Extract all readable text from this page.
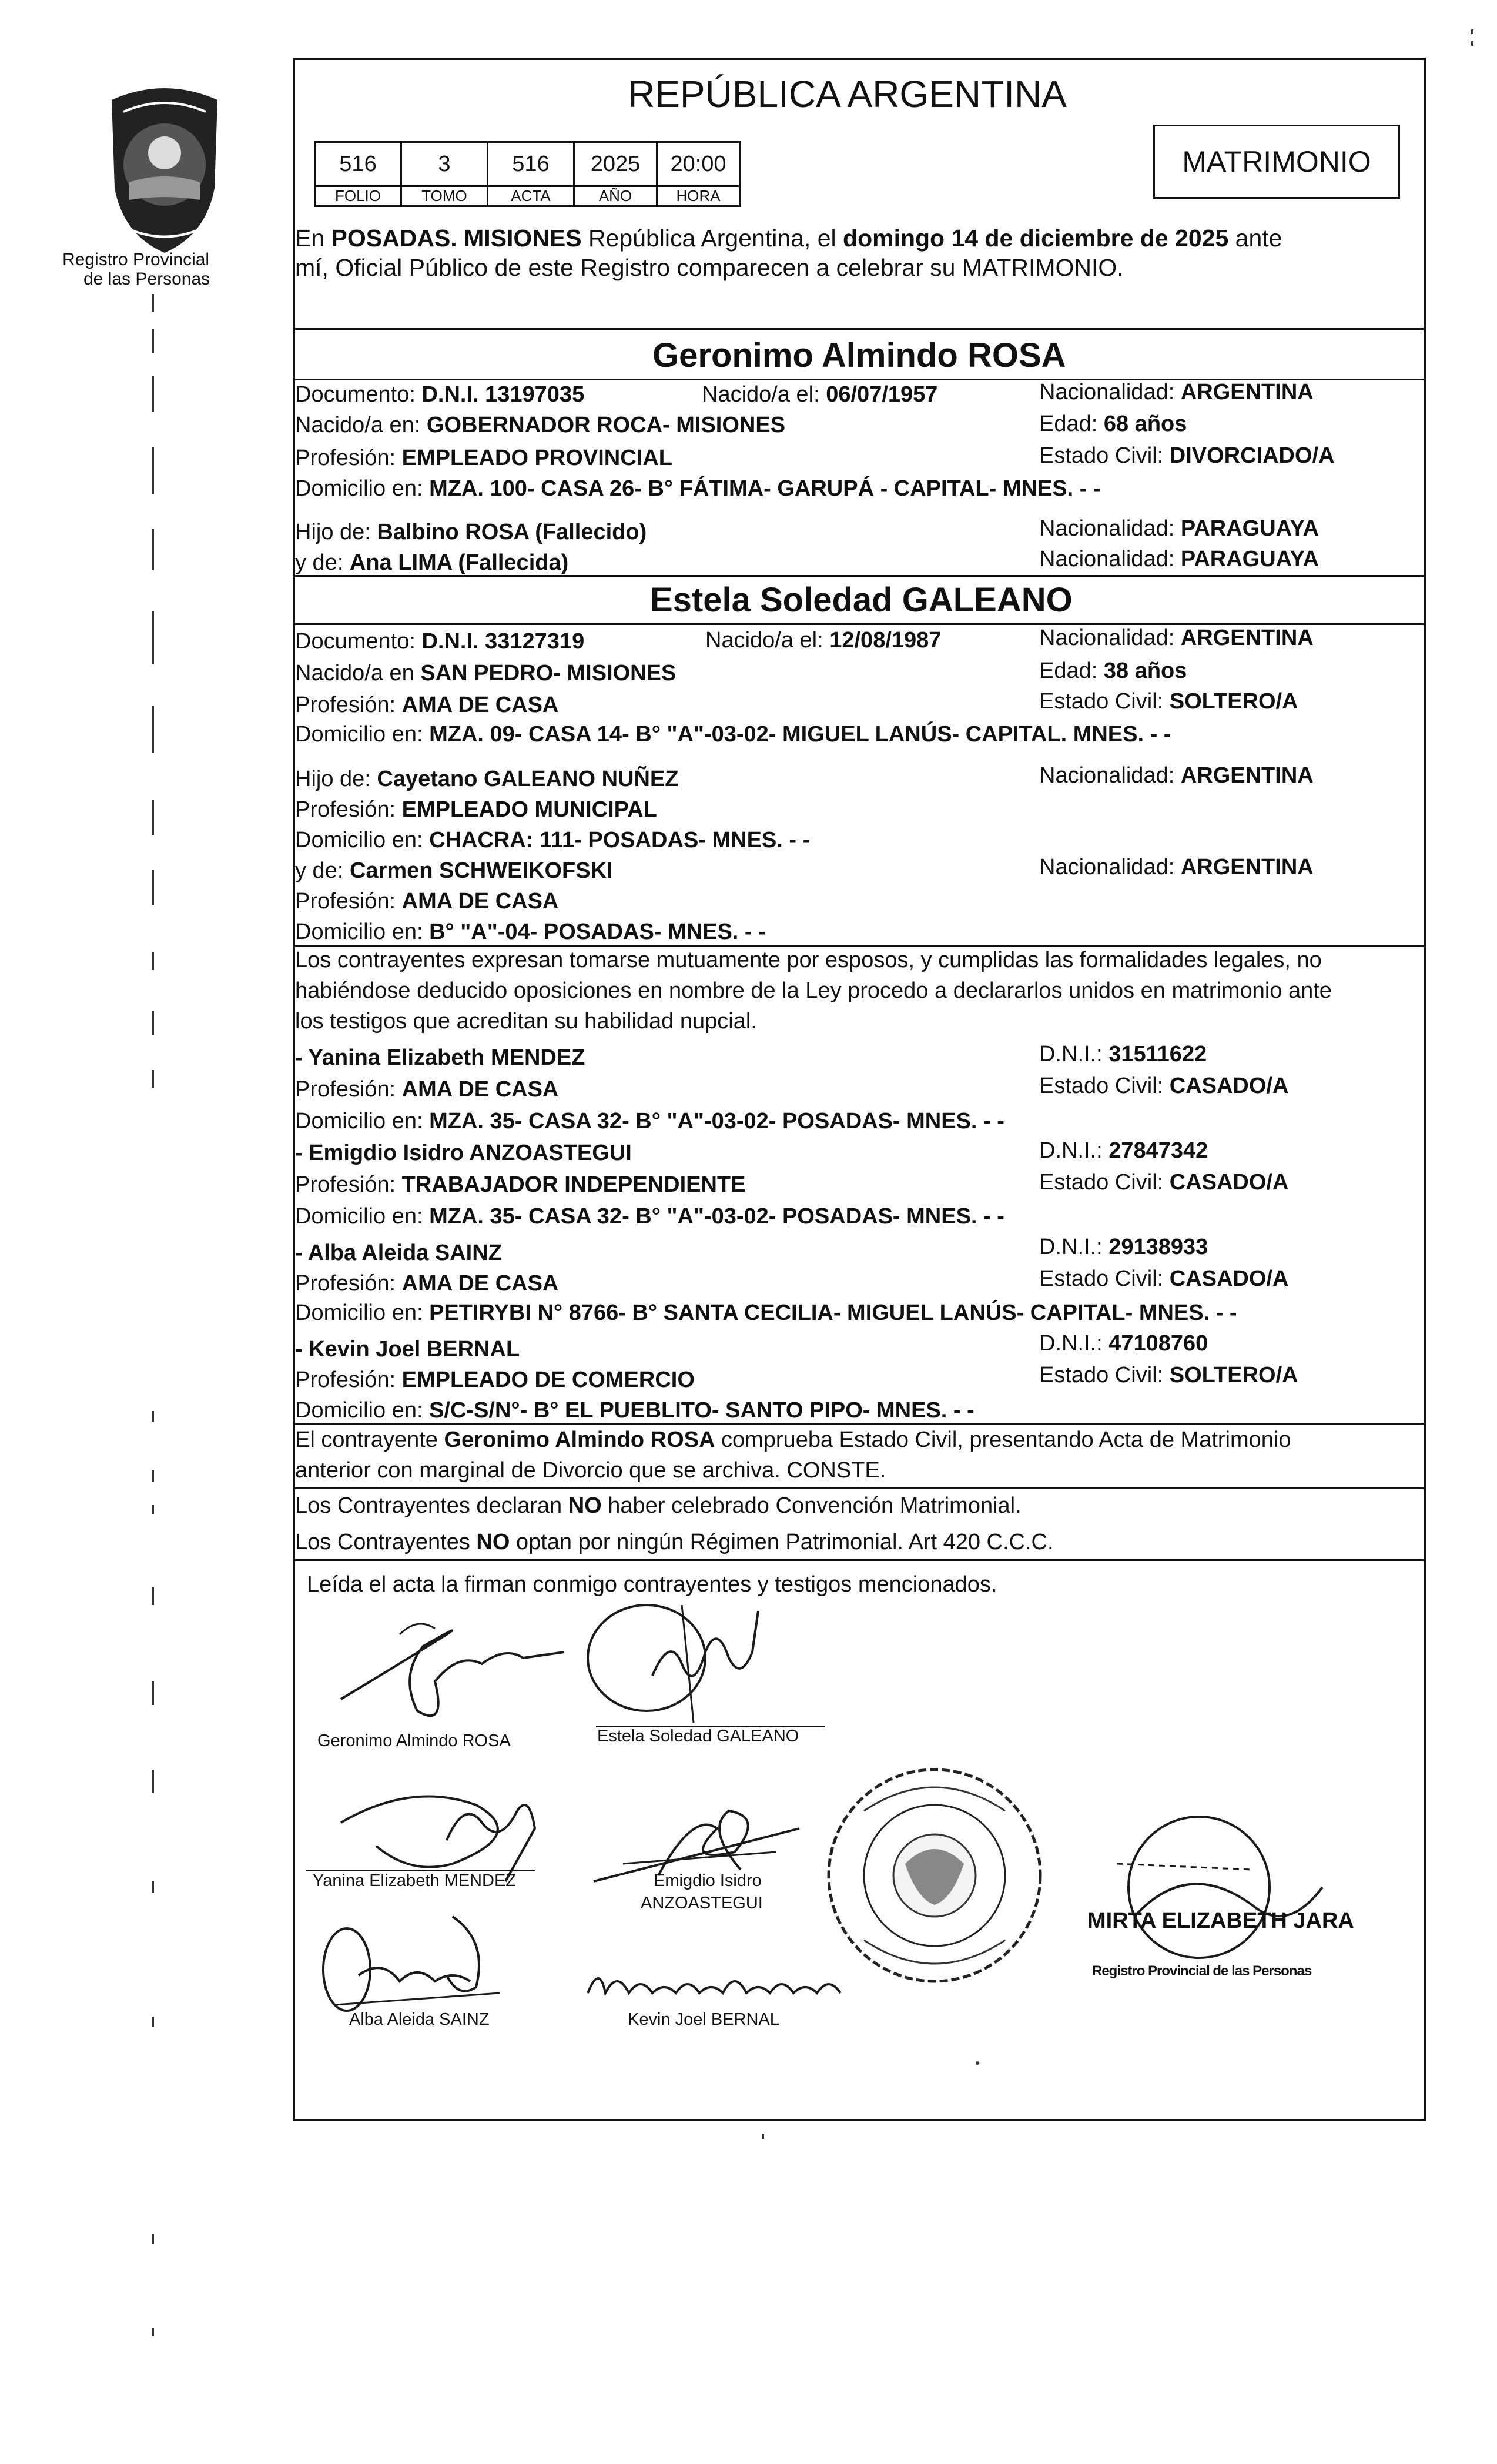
Registro Provincial
de las Personas
REPÚBLICA ARGENTINA
516	3	516	2025	20:00
FOLIO	TOMO	ACTA	AÑO	HORA
MATRIMONIO
En POSADAS. MISIONES República Argentina, el domingo 14 de diciembre de 2025 ante
mí, Oficial Público de este Registro comparecen a celebrar su MATRIMONIO.
Geronimo Almindo ROSA
Documento: D.N.I. 13197035	Nacido/a el: 06/07/1957	Nacionalidad: ARGENTINA
Nacido/a en: GOBERNADOR ROCA- MISIONES	Edad: 68 años
Profesión: EMPLEADO PROVINCIAL	Estado Civil: DIVORCIADO/A
Domicilio en: MZA. 100- CASA 26- B° FÁTIMA- GARUPÁ - CAPITAL- MNES. - -
Hijo de: Balbino ROSA (Fallecido)	Nacionalidad: PARAGUAYA
y de: Ana LIMA (Fallecida)	Nacionalidad: PARAGUAYA
Estela Soledad GALEANO
Documento: D.N.I. 33127319	Nacido/a el: 12/08/1987	Nacionalidad: ARGENTINA
Nacido/a en SAN PEDRO- MISIONES	Edad: 38 años
Profesión: AMA DE CASA	Estado Civil: SOLTERO/A
Domicilio en: MZA. 09- CASA 14- B° "A"-03-02- MIGUEL LANÚS- CAPITAL. MNES. - -
Hijo de: Cayetano GALEANO NUÑEZ	Nacionalidad: ARGENTINA
Profesión: EMPLEADO MUNICIPAL
Domicilio en: CHACRA: 111- POSADAS- MNES. - -
y de: Carmen SCHWEIKOFSKI	Nacionalidad: ARGENTINA
Profesión: AMA DE CASA
Domicilio en: B° "A"-04- POSADAS- MNES. - -
Los contrayentes expresan tomarse mutuamente por esposos, y cumplidas las formalidades legales, no
habiéndose deducido oposiciones en nombre de la Ley procedo a declararlos unidos en matrimonio ante
los testigos que acreditan su habilidad nupcial.
- Yanina Elizabeth MENDEZ	D.N.I.: 31511622
Profesión: AMA DE CASA	Estado Civil: CASADO/A
Domicilio en: MZA. 35- CASA 32- B° "A"-03-02- POSADAS- MNES. - -
- Emigdio Isidro ANZOASTEGUI	D.N.I.: 27847342
Profesión: TRABAJADOR INDEPENDIENTE	Estado Civil: CASADO/A
Domicilio en: MZA. 35- CASA 32- B° "A"-03-02- POSADAS- MNES. - -
- Alba Aleida SAINZ	D.N.I.: 29138933
Profesión: AMA DE CASA	Estado Civil: CASADO/A
Domicilio en: PETIRYBI N° 8766- B° SANTA CECILIA- MIGUEL LANÚS- CAPITAL- MNES. - -
- Kevin Joel BERNAL	D.N.I.: 47108760
Profesión: EMPLEADO DE COMERCIO	Estado Civil: SOLTERO/A
Domicilio en: S/C-S/N°- B° EL PUEBLITO- SANTO PIPO- MNES. - -
El contrayente Geronimo Almindo ROSA comprueba Estado Civil, presentando Acta de Matrimonio
anterior con marginal de Divorcio que se archiva. CONSTE.
Los Contrayentes declaran NO haber celebrado Convención Matrimonial.
Los Contrayentes NO optan por ningún Régimen Patrimonial. Art 420 C.C.C.
Leída el acta la firman conmigo contrayentes y testigos mencionados.
Geronimo Almindo ROSA	Estela Soledad GALEANO
Yanina Elizabeth MENDEZ	Emigdio Isidro
ANZOASTEGUI
Alba Aleida SAINZ	Kevin Joel BERNAL
MIRTA ELIZABETH JARA
Registro Provincial de las Personas
